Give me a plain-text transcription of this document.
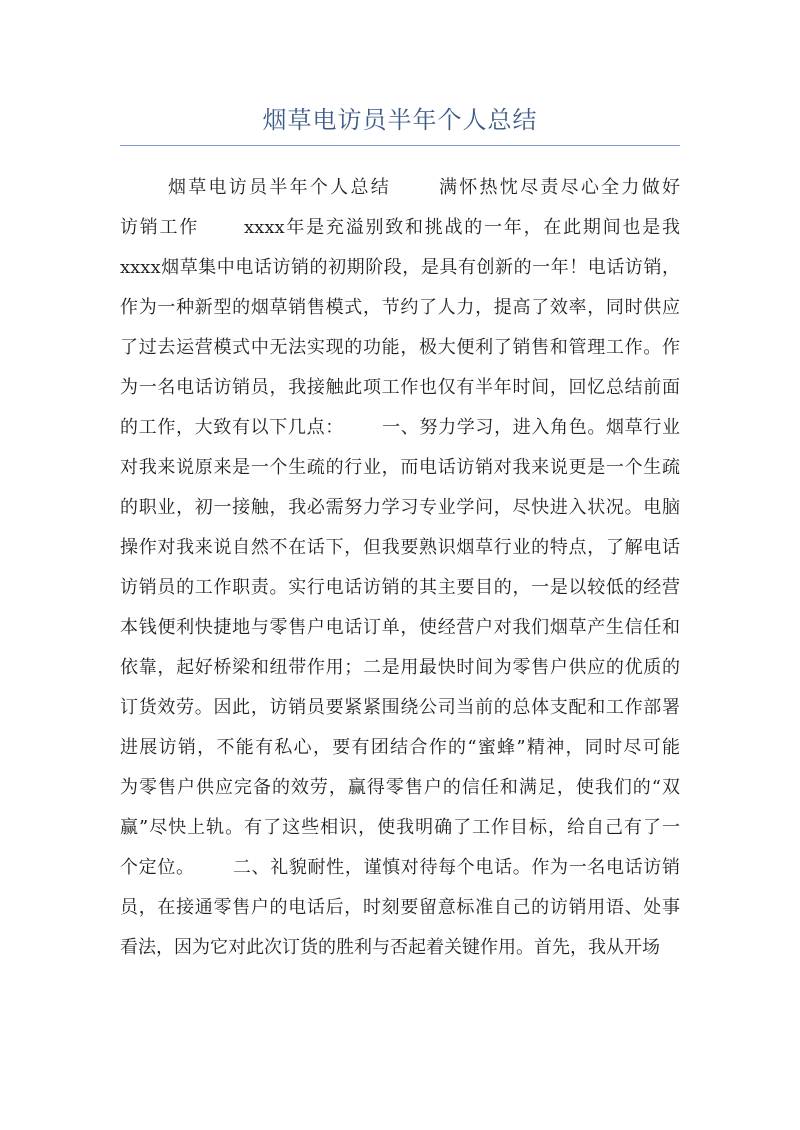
烟草电访员半年个人总结
烟草电访员半年个人总结      满怀热忱尽责尽心全力做好
访销工作      xxxx年是充溢别致和挑战的一年，在此期间也是我
xxxx烟草集中电话访销的初期阶段，是具有创新的一年！电话访销，
作为一种新型的烟草销售模式，节约了人力，提高了效率，同时供应
了过去运营模式中无法实现的功能，极大便利了销售和管理工作。作
为一名电话访销员，我接触此项工作也仅有半年时间，回忆总结前面
的工作，大致有以下几点：      一、努力学习，进入角色。烟草行业
对我来说原来是一个生疏的行业，而电话访销对我来说更是一个生疏
的职业，初一接触，我必需努力学习专业学问，尽快进入状况。电脑
操作对我来说自然不在话下，但我要熟识烟草行业的特点，了解电话
访销员的工作职责。实行电话访销的其主要目的，一是以较低的经营
本钱便利快捷地与零售户电话订单，使经营户对我们烟草产生信任和
依靠，起好桥梁和纽带作用；二是用最快时间为零售户供应的优质的
订货效劳。因此，访销员要紧紧围绕公司当前的总体支配和工作部署
进展访销，不能有私心，要有团结合作的“蜜蜂”精神，同时尽可能
为零售户供应完备的效劳，赢得零售户的信任和满足，使我们的“双
赢”尽快上轨。有了这些相识，使我明确了工作目标，给自己有了一
个定位。      二、礼貌耐性，谨慎对待每个电话。作为一名电话访销
员，在接通零售户的电话后，时刻要留意标准自己的访销用语、处事
看法，因为它对此次订货的胜利与否起着关键作用。首先，我从开场
